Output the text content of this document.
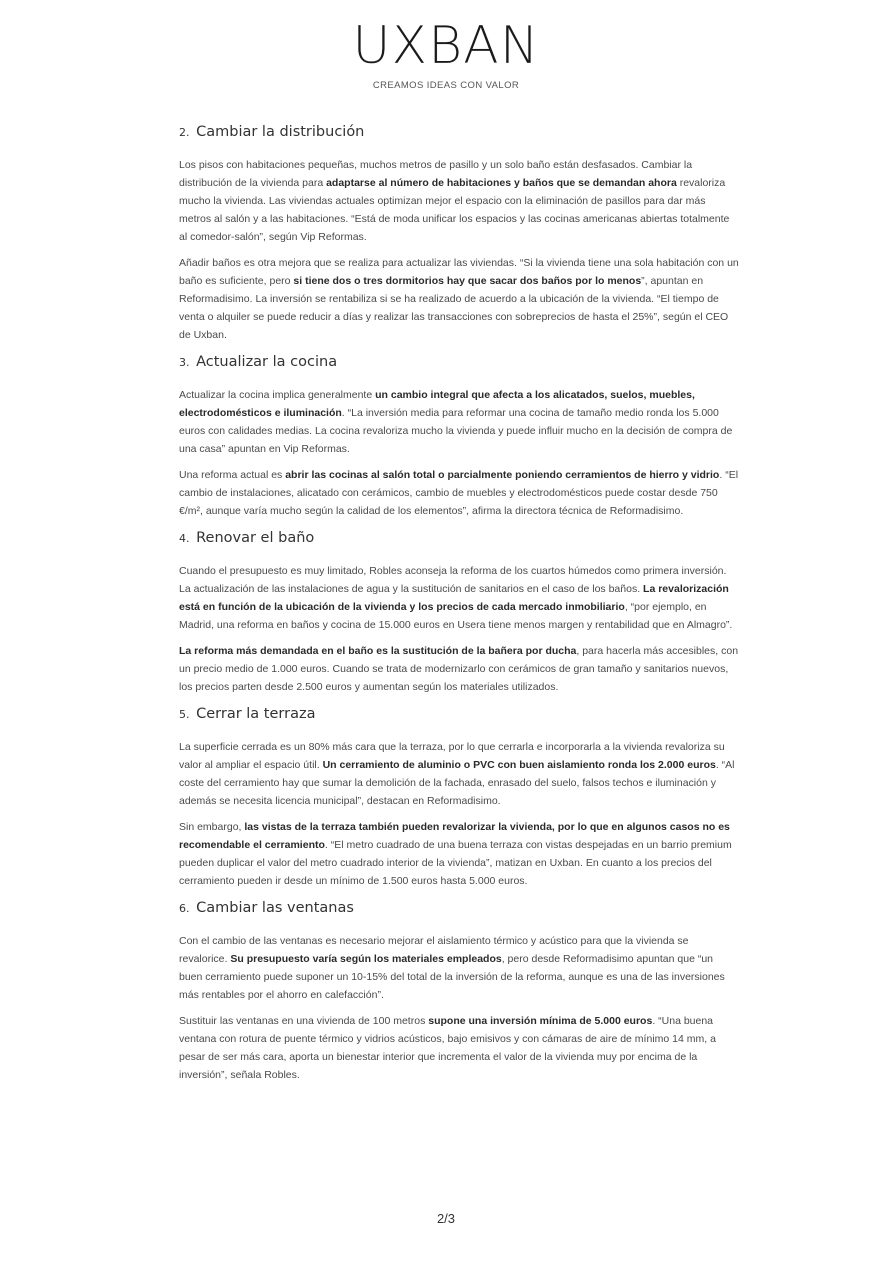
UXBAN
CREAMOS IDEAS CON VALOR
2. Cambiar la distribución

Los pisos con habitaciones pequeñas, muchos metros de pasillo y un solo baño están desfasados. Cambiar la distribución de la vivienda para adaptarse al número de habitaciones y baños que se demandan ahora revaloriza mucho la vivienda. Las viviendas actuales optimizan mejor el espacio con la eliminación de pasillos para dar más metros al salón y a las habitaciones. “Está de moda unificar los espacios y las cocinas americanas abiertas totalmente al comedor-salón”, según Vip Reformas.

Añadir baños es otra mejora que se realiza para actualizar las viviendas. “Si la vivienda tiene una sola habitación con un baño es suficiente, pero si tiene dos o tres dormitorios hay que sacar dos baños por lo menos”, apuntan en Reformadisimo. La inversión se rentabiliza si se ha realizado de acuerdo a la ubicación de la vivienda. “El tiempo de venta o alquiler se puede reducir a días y realizar las transacciones con sobreprecios de hasta el 25%”, según el CEO de Uxban.

3. Actualizar la cocina

Actualizar la cocina implica generalmente un cambio integral que afecta a los alicatados, suelos, muebles, electrodomésticos e iluminación. “La inversión media para reformar una cocina de tamaño medio ronda los 5.000 euros con calidades medias. La cocina revaloriza mucho la vivienda y puede influir mucho en la decisión de compra de una casa” apuntan en Vip Reformas.

Una reforma actual es abrir las cocinas al salón total o parcialmente poniendo cerramientos de hierro y vidrio. “El cambio de instalaciones, alicatado con cerámicos, cambio de muebles y electrodomésticos puede costar desde 750 €/m², aunque varía mucho según la calidad de los elementos”, afirma la directora técnica de Reformadisimo.

4. Renovar el baño

Cuando el presupuesto es muy limitado, Robles aconseja la reforma de los cuartos húmedos como primera inversión. La actualización de las instalaciones de agua y la sustitución de sanitarios en el caso de los baños. La revalorización está en función de la ubicación de la vivienda y los precios de cada mercado inmobiliario, “por ejemplo, en Madrid, una reforma en baños y cocina de 15.000 euros en Usera tiene menos margen y rentabilidad que en Almagro”.

La reforma más demandada en el baño es la sustitución de la bañera por ducha, para hacerla más accesibles, con un precio medio de 1.000 euros. Cuando se trata de modernizarlo con cerámicos de gran tamaño y sanitarios nuevos, los precios parten desde 2.500 euros y aumentan según los materiales utilizados.

5. Cerrar la terraza

La superficie cerrada es un 80% más cara que la terraza, por lo que cerrarla e incorporarla a la vivienda revaloriza su valor al ampliar el espacio útil. Un cerramiento de aluminio o PVC con buen aislamiento ronda los 2.000 euros. “Al coste del cerramiento hay que sumar la demolición de la fachada, enrasado del suelo, falsos techos e iluminación y además se necesita licencia municipal”, destacan en Reformadisimo.

Sin embargo, las vistas de la terraza también pueden revalorizar la vivienda, por lo que en algunos casos no es recomendable el cerramiento. “El metro cuadrado de una buena terraza con vistas despejadas en un barrio premium pueden duplicar el valor del metro cuadrado interior de la vivienda”, matizan en Uxban. En cuanto a los precios del cerramiento pueden ir desde un mínimo de 1.500 euros hasta 5.000 euros.

6. Cambiar las ventanas

Con el cambio de las ventanas es necesario mejorar el aislamiento térmico y acústico para que la vivienda se revalorice. Su presupuesto varía según los materiales empleados, pero desde Reformadisimo apuntan que “un buen cerramiento puede suponer un 10-15% del total de la inversión de la reforma, aunque es una de las inversiones más rentables por el ahorro en calefacción”.

Sustituir las ventanas en una vivienda de 100 metros supone una inversión mínima de 5.000 euros. “Una buena ventana con rotura de puente térmico y vidrios acústicos, bajo emisivos y con cámaras de aire de mínimo 14 mm, a pesar de ser más cara, aporta un bienestar interior que incrementa el valor de la vivienda muy por encima de la inversión”, señala Robles.

2/3
